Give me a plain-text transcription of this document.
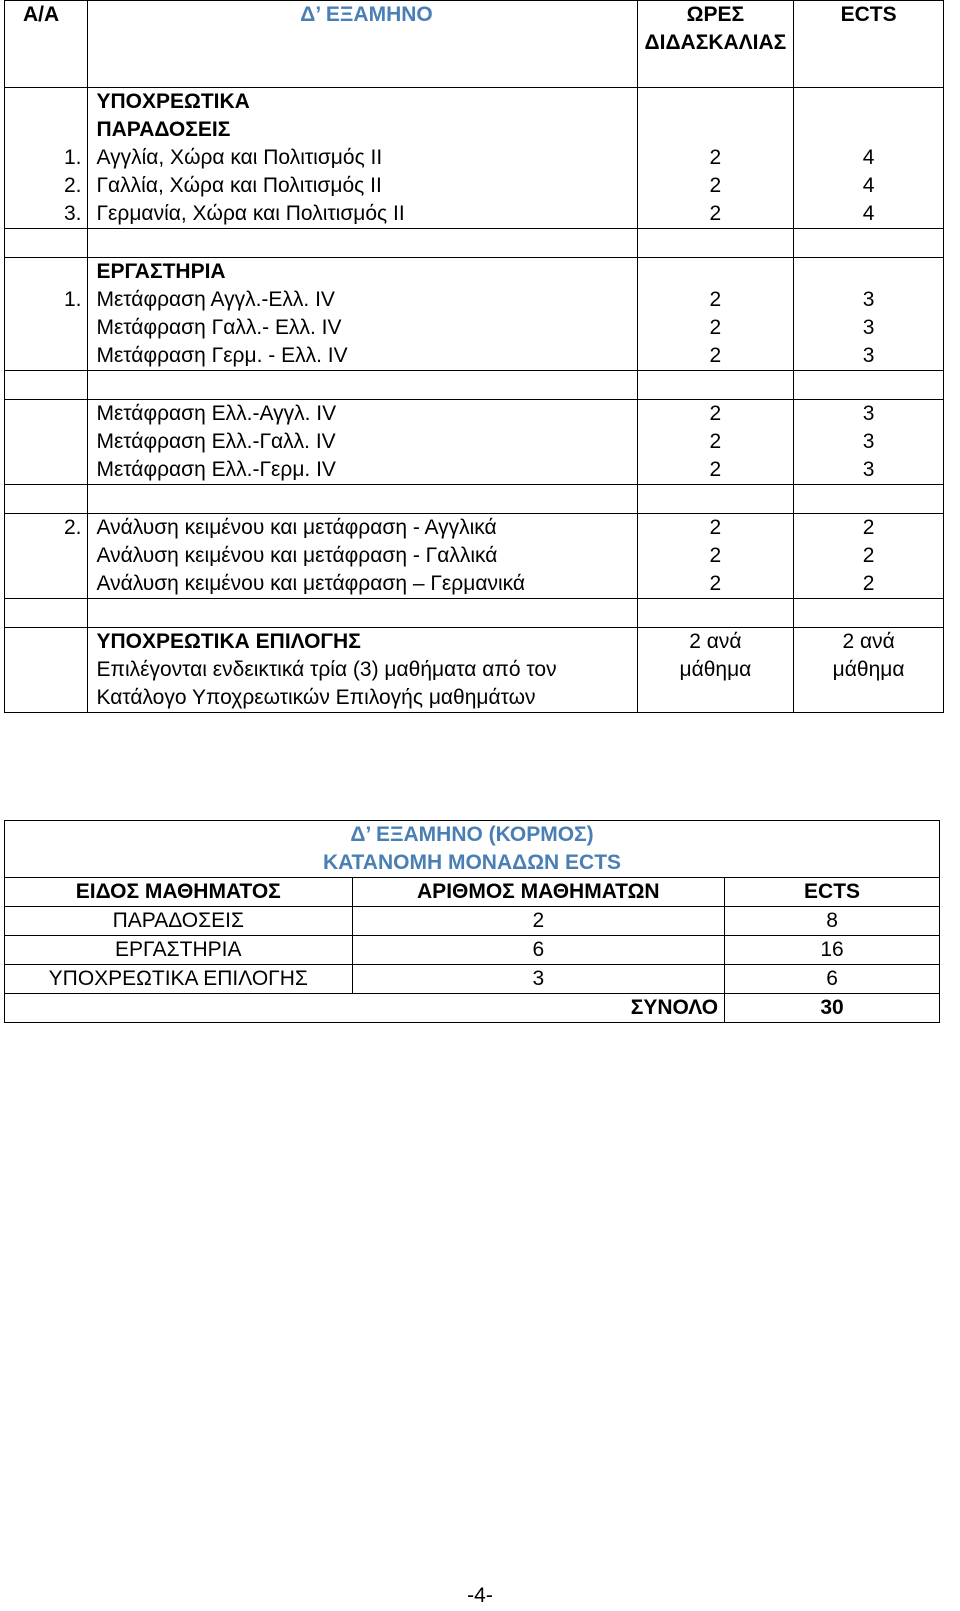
Α/Α	Δ’ ΕΞΑΜΗΝΟ	ΩΡΕΣ ΔΙΔΑΣΚΑΛΙΑΣ	ECTS
	ΥΠΟΧΡΕΩΤΙΚΑ		
	ΠΑΡΑΔΟΣΕΙΣ		
1.	Αγγλία, Χώρα και Πολιτισμός ΙΙ	2	4
2.	Γαλλία, Χώρα και Πολιτισμός ΙΙ	2	4
3.	Γερμανία, Χώρα και Πολιτισμός ΙΙ	2	4

	ΕΡΓΑΣΤΗΡΙΑ		
1.	Μετάφραση Αγγλ.-Ελλ. IV	2	3
	Μετάφραση Γαλλ.- Ελλ. IV	2	3
	Μετάφραση Γερμ. - Ελλ. IV	2	3

	Μετάφραση Ελλ.-Αγγλ. IV	2	3
	Μετάφραση Ελλ.-Γαλλ. IV	2	3
	Μετάφραση Ελλ.-Γερμ. IV	2	3

2.	Ανάλυση κειμένου και μετάφραση - Αγγλικά	2	2
	Ανάλυση κειμένου και μετάφραση - Γαλλικά	2	2
	Ανάλυση κειμένου και μετάφραση – Γερμανικά	2	2

	ΥΠΟΧΡΕΩΤΙΚΑ ΕΠΙΛΟΓΗΣ
Επιλέγονται ενδεικτικά τρία (3) μαθήματα από τον
Κατάλογο Υποχρεωτικών Επιλογής μαθημάτων	2 ανά μάθημα	2 ανά μάθημα
Δ’ ΕΞΑΜΗΝΟ (ΚΟΡΜΟΣ)		
ΚΑΤΑΝΟΜΗ ΜΟΝΑΔΩΝ ECTS		
ΕΙΔΟΣ ΜΑΘΗΜΑΤΟΣ	ΑΡΙΘΜΟΣ ΜΑΘΗΜΑΤΩΝ	ECTS
ΠΑΡΑΔΟΣΕΙΣ	2	8
ΕΡΓΑΣΤΗΡΙΑ	6	16
ΥΠΟΧΡΕΩΤΙΚΑ ΕΠΙΛΟΓΗΣ	3	6
ΣΥΝΟΛΟ		30
-4-
